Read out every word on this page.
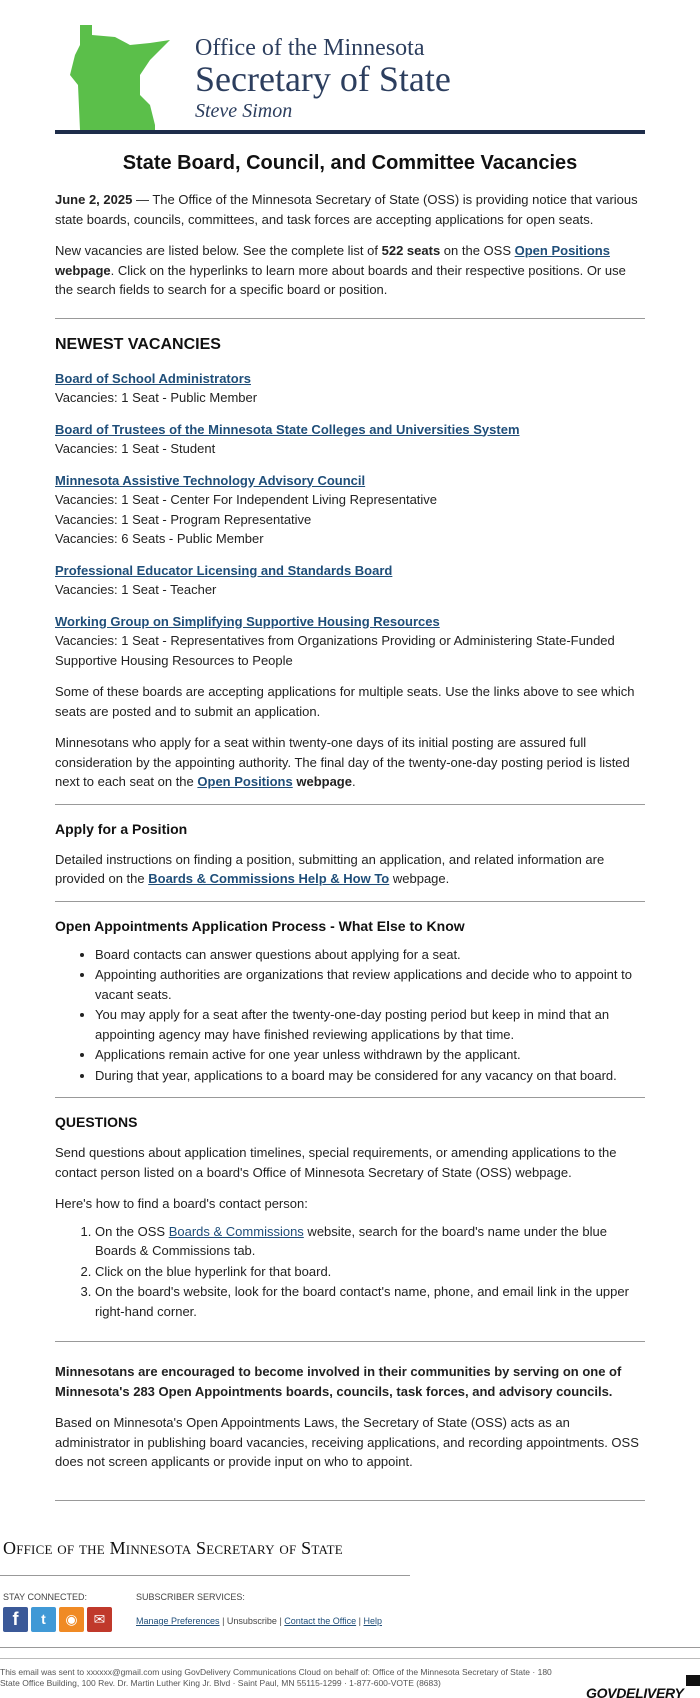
Office of the Minnesota
Secretary of State
Steve Simon
State Board, Council, and Committee Vacancies

June 2, 2025 — The Office of the Minnesota Secretary of State (OSS) is providing notice that various state boards, councils, committees, and task forces are accepting applications for open seats.

New vacancies are listed below. See the complete list of 522 seats on the OSS Open Positions webpage. Click on the hyperlinks to learn more about boards and their respective positions. Or use the search fields to search for a specific board or position.

NEWEST VACANCIES
Board of School Administrators
Vacancies: 1 Seat - Public Member
Board of Trustees of the Minnesota State Colleges and Universities System
Vacancies: 1 Seat - Student
Minnesota Assistive Technology Advisory Council
Vacancies: 1 Seat - Center For Independent Living Representative
Vacancies: 1 Seat - Program Representative
Vacancies: 6 Seats - Public Member
Professional Educator Licensing and Standards Board
Vacancies: 1 Seat - Teacher
Working Group on Simplifying Supportive Housing Resources
Vacancies: 1 Seat - Representatives from Organizations Providing or Administering State-Funded Supportive Housing Resources to People

Some of these boards are accepting applications for multiple seats. Use the links above to see which seats are posted and to submit an application.

Minnesotans who apply for a seat within twenty-one days of its initial posting are assured full consideration by the appointing authority. The final day of the twenty-one-day posting period is listed next to each seat on the Open Positions webpage.

Apply for a Position

Detailed instructions on finding a position, submitting an application, and related information are provided on the Boards & Commissions Help & How To webpage.

Open Appointments Application Process - What Else to Know
• Board contacts can answer questions about applying for a seat.
• Appointing authorities are organizations that review applications and decide who to appoint to vacant seats.
• You may apply for a seat after the twenty-one-day posting period but keep in mind that an appointing agency may have finished reviewing applications by that time.
• Applications remain active for one year unless withdrawn by the applicant.
• During that year, applications to a board may be considered for any vacancy on that board.
QUESTIONS

Send questions about application timelines, special requirements, or amending applications to the contact person listed on a board's Office of Minnesota Secretary of State (OSS) webpage.

Here's how to find a board's contact person:

1. On the OSS Boards & Commissions website, search for the board's name under the blue Boards & Commissions tab.
2. Click on the blue hyperlink for that board.
3. On the board's website, look for the board contact's name, phone, and email link in the upper right-hand corner.

Minnesotans are encouraged to become involved in their communities by serving on one of Minnesota's 283 Open Appointments boards, councils, task forces, and advisory councils.

Based on Minnesota's Open Appointments Laws, the Secretary of State (OSS) acts as an administrator in publishing board vacancies, receiving applications, and recording appointments. OSS does not screen applicants or provide input on who to appoint.

Office of the Minnesota Secretary of State
STAY CONNECTED:	SUBSCRIBER SERVICES:
f	t	◉	✉	Manage Preferences | Unsubscribe | Contact the Office | Help
This email was sent to xxxxxx@gmail.com using GovDelivery Communications Cloud on behalf of: Office of the Minnesota Secretary of State · 180 State Office Building, 100 Rev. Dr. Martin Luther King Jr. Blvd · Saint Paul, MN 55115-1299 · 1-877-600-VOTE (8683)
GOVDELIVERY
